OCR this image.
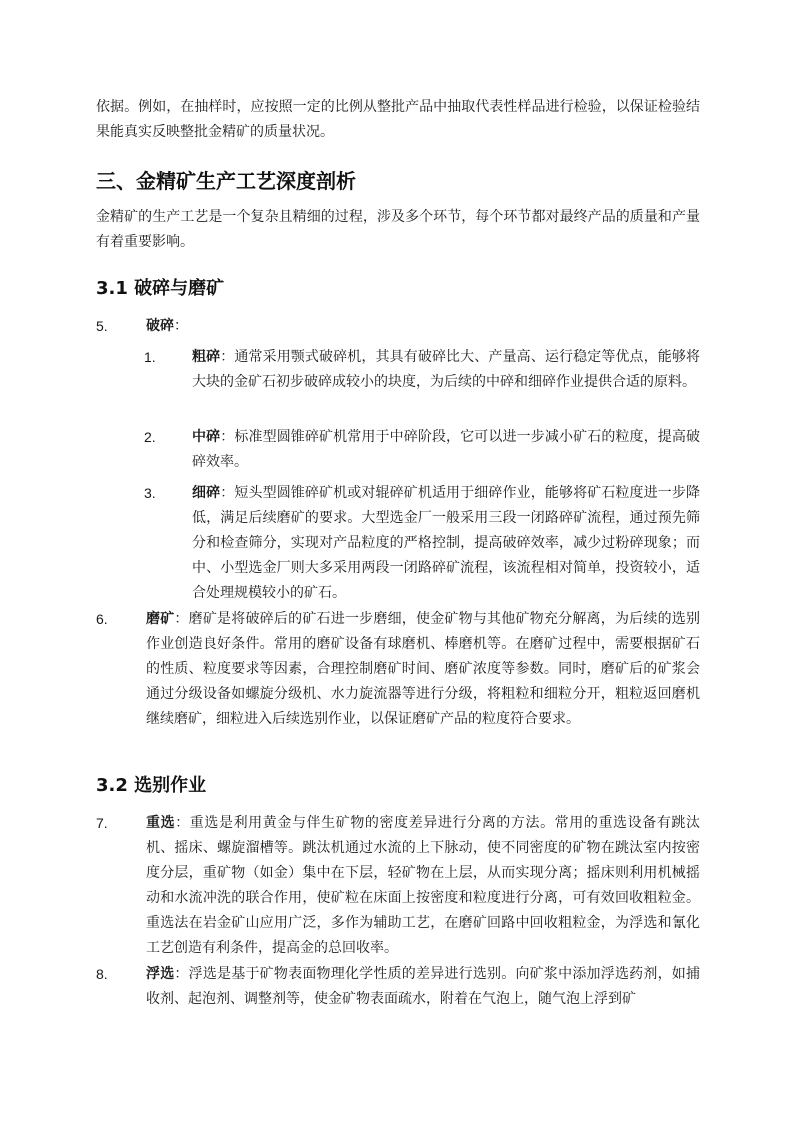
依据。例如，在抽样时，应按照一定的比例从整批产品中抽取代表性样品进行检验，以保证检验结果能真实反映整批金精矿的质量状况。

三、金精矿生产工艺深度剖析

金精矿的生产工艺是一个复杂且精细的过程，涉及多个环节，每个环节都对最终产品的质量和产量有着重要影响。

3.1 破碎与磨矿
5.	破碎：
1.	粗碎：通常采用颚式破碎机，其具有破碎比大、产量高、运行稳定等优点，能够将大块的金矿石初步破碎成较小的块度，为后续的中碎和细碎作业提供合适的原料。
2.	中碎：标准型圆锥碎矿机常用于中碎阶段，它可以进一步减小矿石的粒度，提高破碎效率。
3.	细碎：短头型圆锥碎矿机或对辊碎矿机适用于细碎作业，能够将矿石粒度进一步降低，满足后续磨矿的要求。大型选金厂一般采用三段一闭路碎矿流程，通过预先筛分和检查筛分，实现对产品粒度的严格控制，提高破碎效率，减少过粉碎现象；而中、小型选金厂则大多采用两段一闭路碎矿流程，该流程相对简单，投资较小，适合处理规模较小的矿石。
6.	磨矿：磨矿是将破碎后的矿石进一步磨细，使金矿物与其他矿物充分解离，为后续的选别作业创造良好条件。常用的磨矿设备有球磨机、棒磨机等。在磨矿过程中，需要根据矿石的性质、粒度要求等因素，合理控制磨矿时间、磨矿浓度等参数。同时，磨矿后的矿浆会通过分级设备如螺旋分级机、水力旋流器等进行分级，将粗粒和细粒分开，粗粒返回磨机继续磨矿，细粒进入后续选别作业，以保证磨矿产品的粒度符合要求。
3.2 选别作业
7.	重选：重选是利用黄金与伴生矿物的密度差异进行分离的方法。常用的重选设备有跳汰机、摇床、螺旋溜槽等。跳汰机通过水流的上下脉动，使不同密度的矿物在跳汰室内按密度分层，重矿物（如金）集中在下层，轻矿物在上层，从而实现分离；摇床则利用机械摇动和水流冲洗的联合作用，使矿粒在床面上按密度和粒度进行分离，可有效回收粗粒金。重选法在岩金矿山应用广泛，多作为辅助工艺，在磨矿回路中回收粗粒金，为浮选和氰化工艺创造有利条件，提高金的总回收率。
8.	浮选：浮选是基于矿物表面物理化学性质的差异进行选别。向矿浆中添加浮选药剂，如捕收剂、起泡剂、调整剂等，使金矿物表面疏水，附着在气泡上，随气泡上浮到矿
